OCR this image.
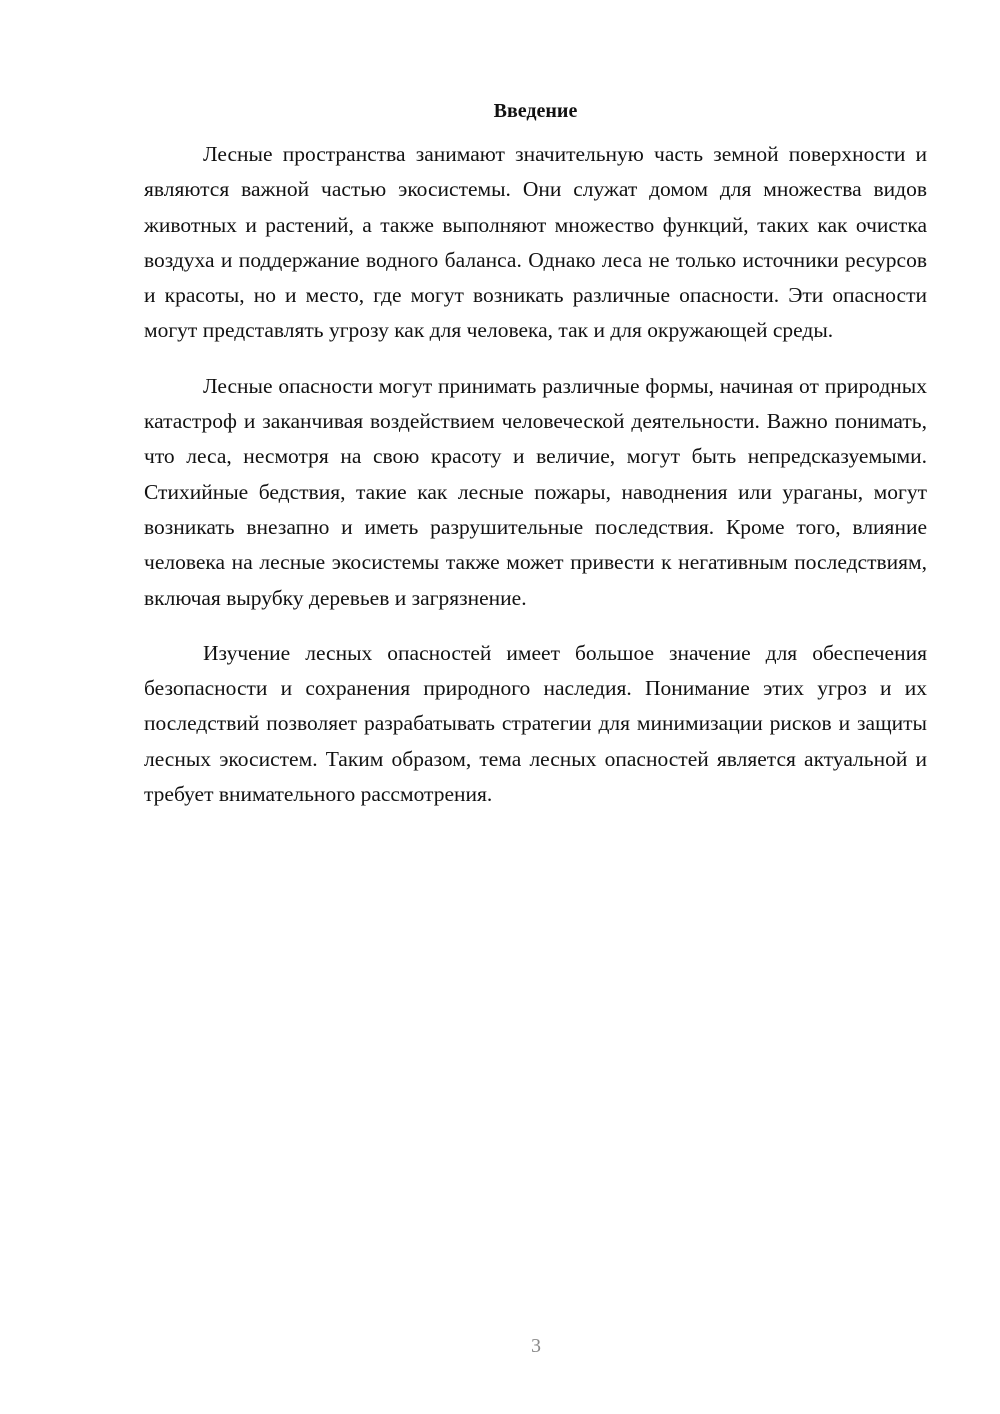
Введение

Лесные пространства занимают значительную часть земной поверхности и являются важной частью экосистемы. Они служат домом для множества видов животных и растений, а также выполняют множество функций, таких как очистка воздуха и поддержание водного баланса. Однако леса не только источники ресурсов и красоты, но и место, где могут возникать различные опасности. Эти опасности могут представлять угрозу как для человека, так и для окружающей среды.

Лесные опасности могут принимать различные формы, начиная от природных катастроф и заканчивая воздействием человеческой деятельности. Важно понимать, что леса, несмотря на свою красоту и величие, могут быть непредсказуемыми. Стихийные бедствия, такие как лесные пожары, наводнения или ураганы, могут возникать внезапно и иметь разрушительные последствия. Кроме того, влияние человека на лесные экосистемы также может привести к негативным последствиям, включая вырубку деревьев и загрязнение.

Изучение лесных опасностей имеет большое значение для обеспечения безопасности и сохранения природного наследия. Понимание этих угроз и их последствий позволяет разрабатывать стратегии для минимизации рисков и защиты лесных экосистем. Таким образом, тема лесных опасностей является актуальной и требует внимательного рассмотрения.

3
